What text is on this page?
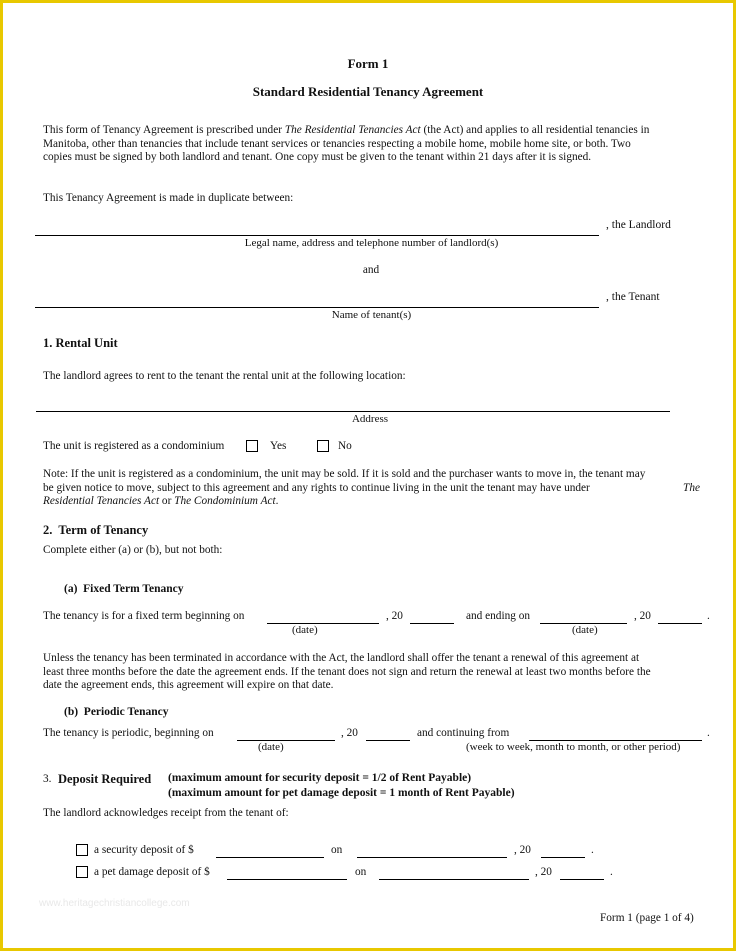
Form 1
Standard Residential Tenancy Agreement
This form of Tenancy Agreement is prescribed under The Residential Tenancies Act (the Act) and applies to all residential tenancies in
Manitoba, other than tenancies that include tenant services or tenancies respecting a mobile home, mobile home site, or both. Two
copies must be signed by both landlord and tenant. One copy must be given to the tenant within 21 days after it is signed.
This Tenancy Agreement is made in duplicate between:
, the Landlord
Legal name, address and telephone number of landlord(s)
and
, the Tenant
Name of tenant(s)
1. Rental Unit
The landlord agrees to rent to the tenant the rental unit at the following location:
Address
The unit is registered as a condominium	Yes	No
Note: If the unit is registered as a condominium, the unit may be sold. If it is sold and the purchaser wants to move in, the tenant may
be given notice to move, subject to this agreement and any rights to continue living in the unit the tenant may have under	The
Residential Tenancies Act or The Condominium Act.
2.  Term of Tenancy
Complete either (a) or (b), but not both:
(a)  Fixed Term Tenancy
The tenancy is for a fixed term beginning on	, 20
(date)
and ending on	, 20	.
(date)
Unless the tenancy has been terminated in accordance with the Act, the landlord shall offer the tenant a renewal of this agreement at
least three months before the date the agreement ends. If the tenant does not sign and return the renewal at least two months before the
date the agreement ends, this agreement will expire on that date.
(b)  Periodic Tenancy
The tenancy is periodic, beginning on	, 20
(date)
and continuing from	.
(week to week, month to month, or other period)
3. Deposit Required (maximum amount for security deposit = 1/2 of Rent Payable)
(maximum amount for pet damage deposit = 1 month of Rent Payable)
The landlord acknowledges receipt from the tenant of:
a security deposit of $	on	, 20	.
a pet damage deposit of $	on	, 20	.
www.heritagechristiancollege.com
Form 1 (page 1 of 4)
